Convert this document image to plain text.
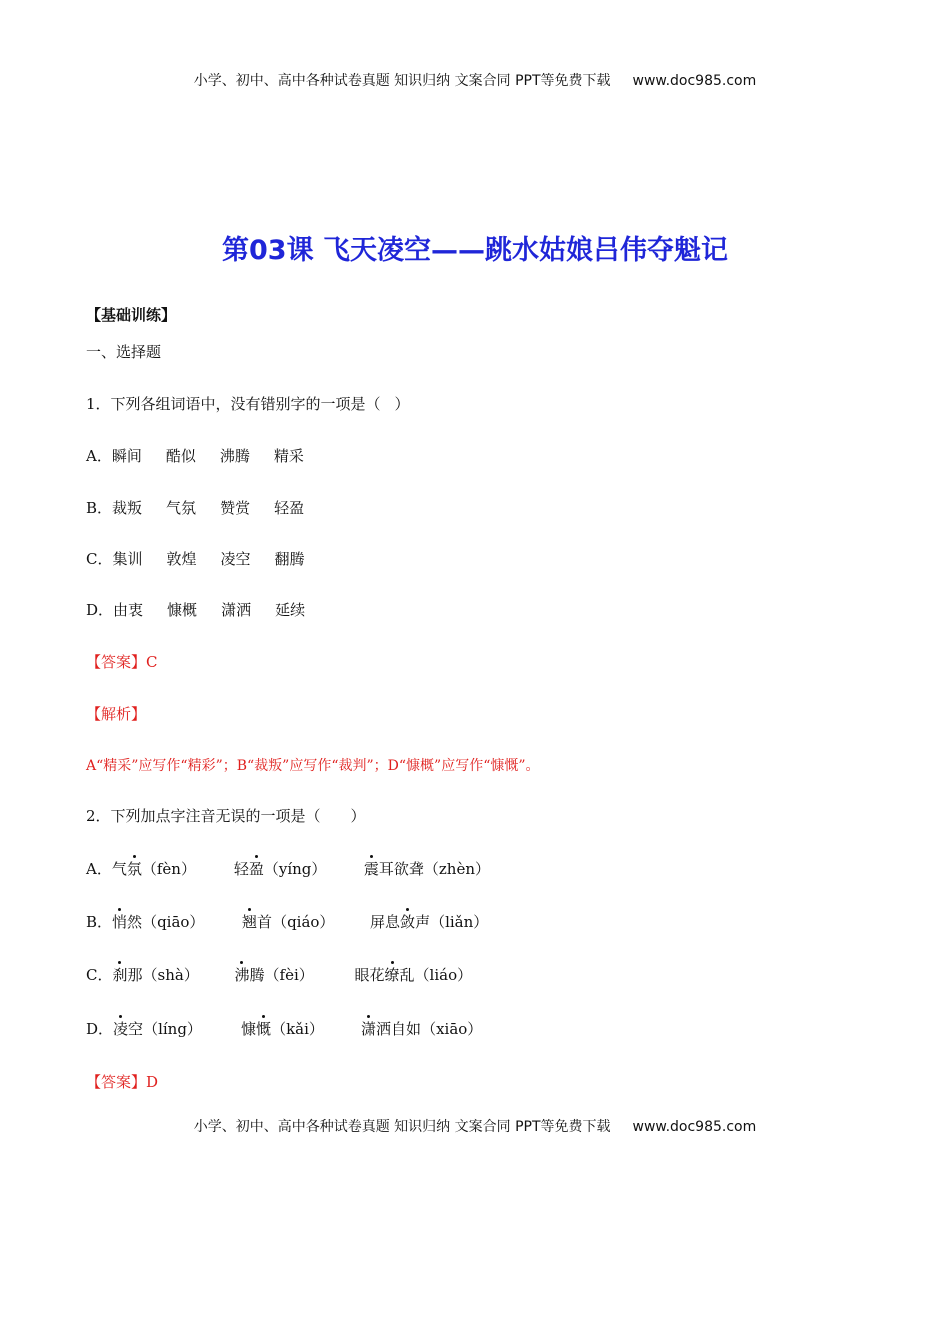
小学、初中、高中各种试卷真题 知识归纳 文案合同 PPT等免费下载 www.doc985.com
第03课 飞天凌空——跳水姑娘吕伟夺魁记
【基础训练】
一、选择题
1．下列各组词语中，没有错别字的一项是（ ）
A．瞬间 酷似 沸腾 精采
B．裁叛 气氛 赞赏 轻盈
C．集训 敦煌 凌空 翻腾
D．由衷 慷概 潇洒 延续
【答案】C
【解析】
A“精采”应写作“精彩”；B“裁叛”应写作“裁判”；D“慷概”应写作“慷慨”。
2．下列加点字注音无误的一项是（　　）
A．气氛（fèn）	轻盈（yíng） 震耳欲聋（zhèn）
B．悄然（qiāo）	翘首（qiáo） 屏息敛声（liǎn）
C．刹那（shà） 沸腾（fèi）	眼花缭乱（liáo）
D．凌空（líng）	慷慨（kǎi） 潇洒自如（xiāo）
【答案】D
小学、初中、高中各种试卷真题 知识归纳 文案合同 PPT等免费下载 www.doc985.com
